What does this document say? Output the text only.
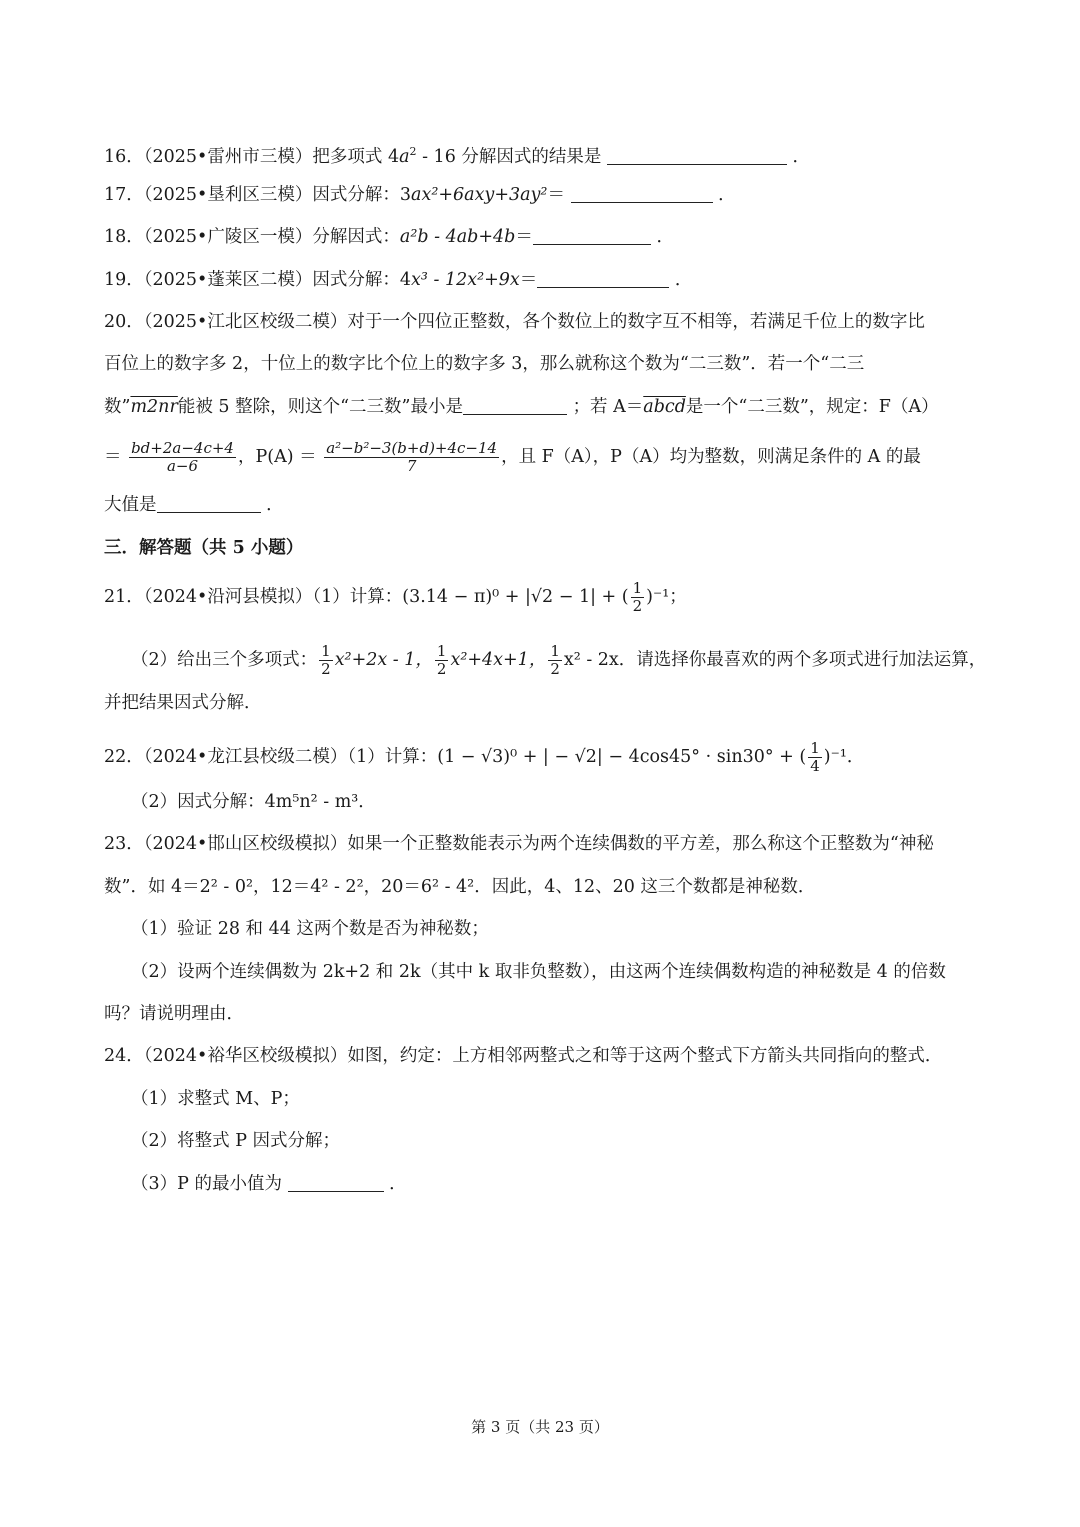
16．（2025•雷州市三模）把多项式 $4a^2$ ‐ 16 分解因式的结果是	．
17．（2025•垦利区三模）因式分解：3ax²+6axy+3ay²＝	．
18．（2025•广陵区一模）分解因式：a²b ‐ 4ab+4b＝	．
19．（2025•蓬莱区二模）因式分解：4x³ ‐ 12x²+9x＝	．
20．（2025•江北区校级二模）对于一个四位正整数，各个数位上的数字互不相等，若满足千位上的数字比
百位上的数字多 2，十位上的数字比个位上的数字多 3，那么就称这个数为“二三数”．若一个“二三
数”m2nr能被 5 整除，则这个“二三数”最小是	；若 A＝abcd是一个“二三数”，规定：F（A）
＝ $\frac{bd+2a-4c+4}{a-6}$ ，$P(A) = \frac{\text{a²−b²−3(b+d)+4c−14}}{7}$ ，且 F（A），P（A）均为整数，则满足条件的 A 的最
大值是	．
三．解答题（共 5 小题）
21．（2024•沿河县模拟）（1）计算：(3.14 − π)⁰ + |√2 − 1| + ( $\frac{1}{2} )^{-1}$；
（2）给出三个多项式： $\frac{1}{2} x^2+2x$ ‐ 1， $\frac{1}{2} x^2+4x+1$， $\frac{1}{2} x^2$ ‐ 2x．请选择你最喜欢的两个多项式进行加法运算，
并把结果因式分解．
22．（2024•龙江县校级二模）（1）计算：(1 − √3)⁰ + | − √2| − 4cos45° · sin30° + ( $\frac{1}{4} )^{-1}$．
（2）因式分解：4m⁵n² ‐ m³．
23．（2024•邯山区校级模拟）如果一个正整数能表示为两个连续偶数的平方差，那么称这个正整数为“神秘
数”．如 4＝2² ‐ 0²，12＝4² ‐ 2²，20＝6² ‐ 4²．因此，4、12、20 这三个数都是神秘数．
（1）验证 28 和 44 这两个数是否为神秘数；
（2）设两个连续偶数为 2k+2 和 2k（其中 k 取非负整数），由这两个连续偶数构造的神秘数是 4 的倍数
吗？请说明理由．
24．（2024•裕华区校级模拟）如图，约定：上方相邻两整式之和等于这两个整式下方箭头共同指向的整式．
（1）求整式 M、P；
（2）将整式 P 因式分解；
（3）P 的最小值为	．
第 3 页（共 23 页）
